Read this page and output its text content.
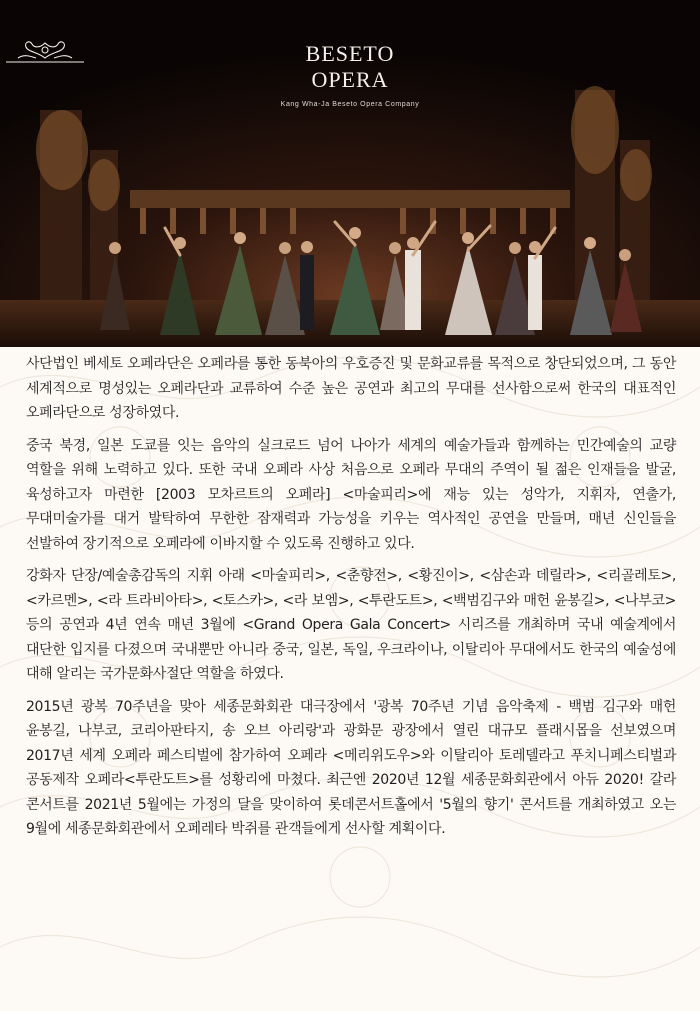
BESETO
OPERA
Kang Wha-Ja Beseto Opera Company

사단법인 베세토 오페라단은 오페라를 통한 동북아의 우호증진 및 문화교류를 목적으로 창단되었으며, 그 동안 세계적으로 명성있는 오페라단과 교류하여 수준 높은 공연과 최고의 무대를 선사함으로써 한국의 대표적인 오페라단으로 성장하였다.

중국 북경, 일본 도쿄를 잇는 음악의 실크로드 넘어 나아가 세계의 예술가들과 함께하는 민간예술의 교량 역할을 위해 노력하고 있다. 또한 국내 오페라 사상 처음으로 오페라 무대의 주역이 될 젊은 인재들을 발굴, 육성하고자 마련한 [2003 모차르트의 오페라] <마술피리>에 재능 있는 성악가, 지휘자, 연출가, 무대미술가를 대거 발탁하여 무한한 잠재력과 가능성을 키우는 역사적인 공연을 만들며, 매년 신인들을 선발하여 장기적으로 오페라에 이바지할 수 있도록 진행하고 있다.

강화자 단장/예술총감독의 지휘 아래 <마술피리>, <춘향전>, <황진이>, <삼손과 데릴라>, <리골레토>, <카르멘>, <라 트라비아타>, <토스카>, <라 보엠>, <투란도트>, <백범김구와 매헌 윤봉길>, <나부코> 등의 공연과 4년 연속 매년 3월에 <Grand Opera Gala Concert> 시리즈를 개최하며 국내 예술계에서 대단한 입지를 다졌으며 국내뿐만 아니라 중국, 일본, 독일, 우크라이나, 이탈리아 무대에서도 한국의 예술성에 대해 알리는 국가문화사절단 역할을 하였다.

2015년 광복 70주년을 맞아 세종문화회관 대극장에서 '광복 70주년 기념 음악축제 - 백범 김구와 매헌 윤봉길, 나부코, 코리아판타지, 송 오브 아리랑'과 광화문 광장에서 열린 대규모 플래시몹을 선보였으며 2017년 세계 오페라 페스티벌에 참가하여 오페라 <메리위도우>와 이탈리아 토레델라고 푸치니페스티벌과 공동제작 오페라<투란도트>를 성황리에 마쳤다. 최근엔 2020년 12월 세종문화회관에서 아듀 2020! 갈라 콘서트를 2021년 5월에는 가정의 달을 맞이하여 롯데콘서트홀에서 '5월의 향기' 콘서트를 개최하였고 오는 9월에 세종문화회관에서 오페레타 박쥐를 관객들에게 선사할 계획이다.
